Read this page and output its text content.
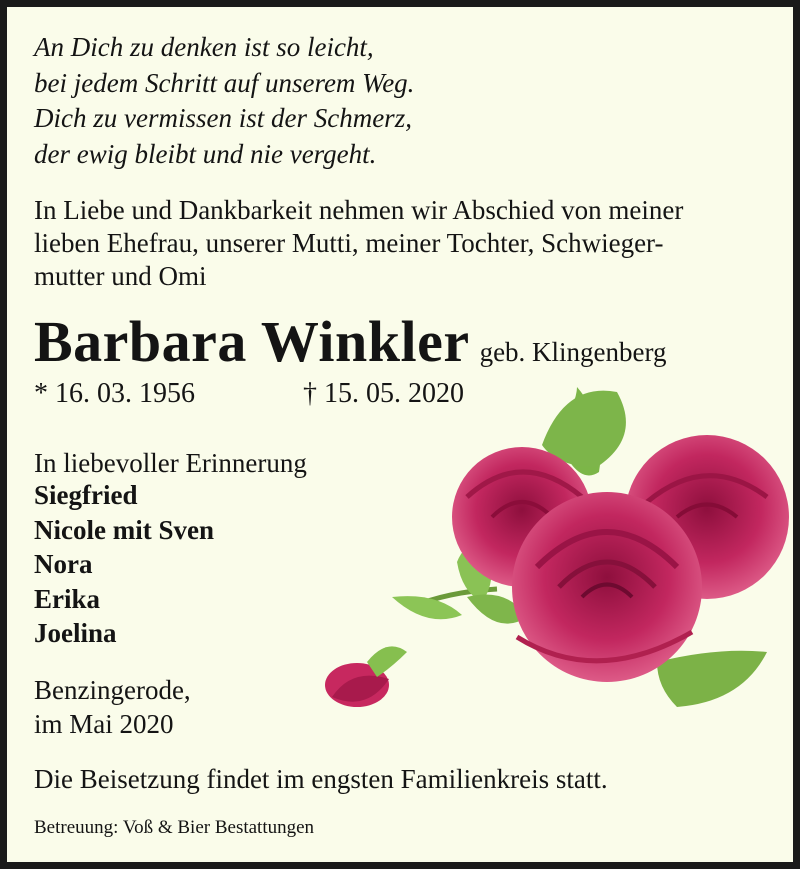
An Dich zu denken ist so leicht,
bei jedem Schritt auf unserem Weg.
Dich zu vermissen ist der Schmerz,
der ewig bleibt und nie vergeht.
In Liebe und Dankbarkeit nehmen wir Abschied von meiner
lieben Ehefrau, unserer Mutti, meiner Tochter, Schwieger-
mutter und Omi
Barbara Winkler geb. Klingenberg
* 16. 03. 1956	† 15. 05. 2020
In liebevoller Erinnerung
Siegfried
Nicole mit Sven
Nora
Erika
Joelina
Benzingerode,
im Mai 2020
Die Beisetzung findet im engsten Familienkreis statt.
Betreuung: Voß & Bier Bestattungen
